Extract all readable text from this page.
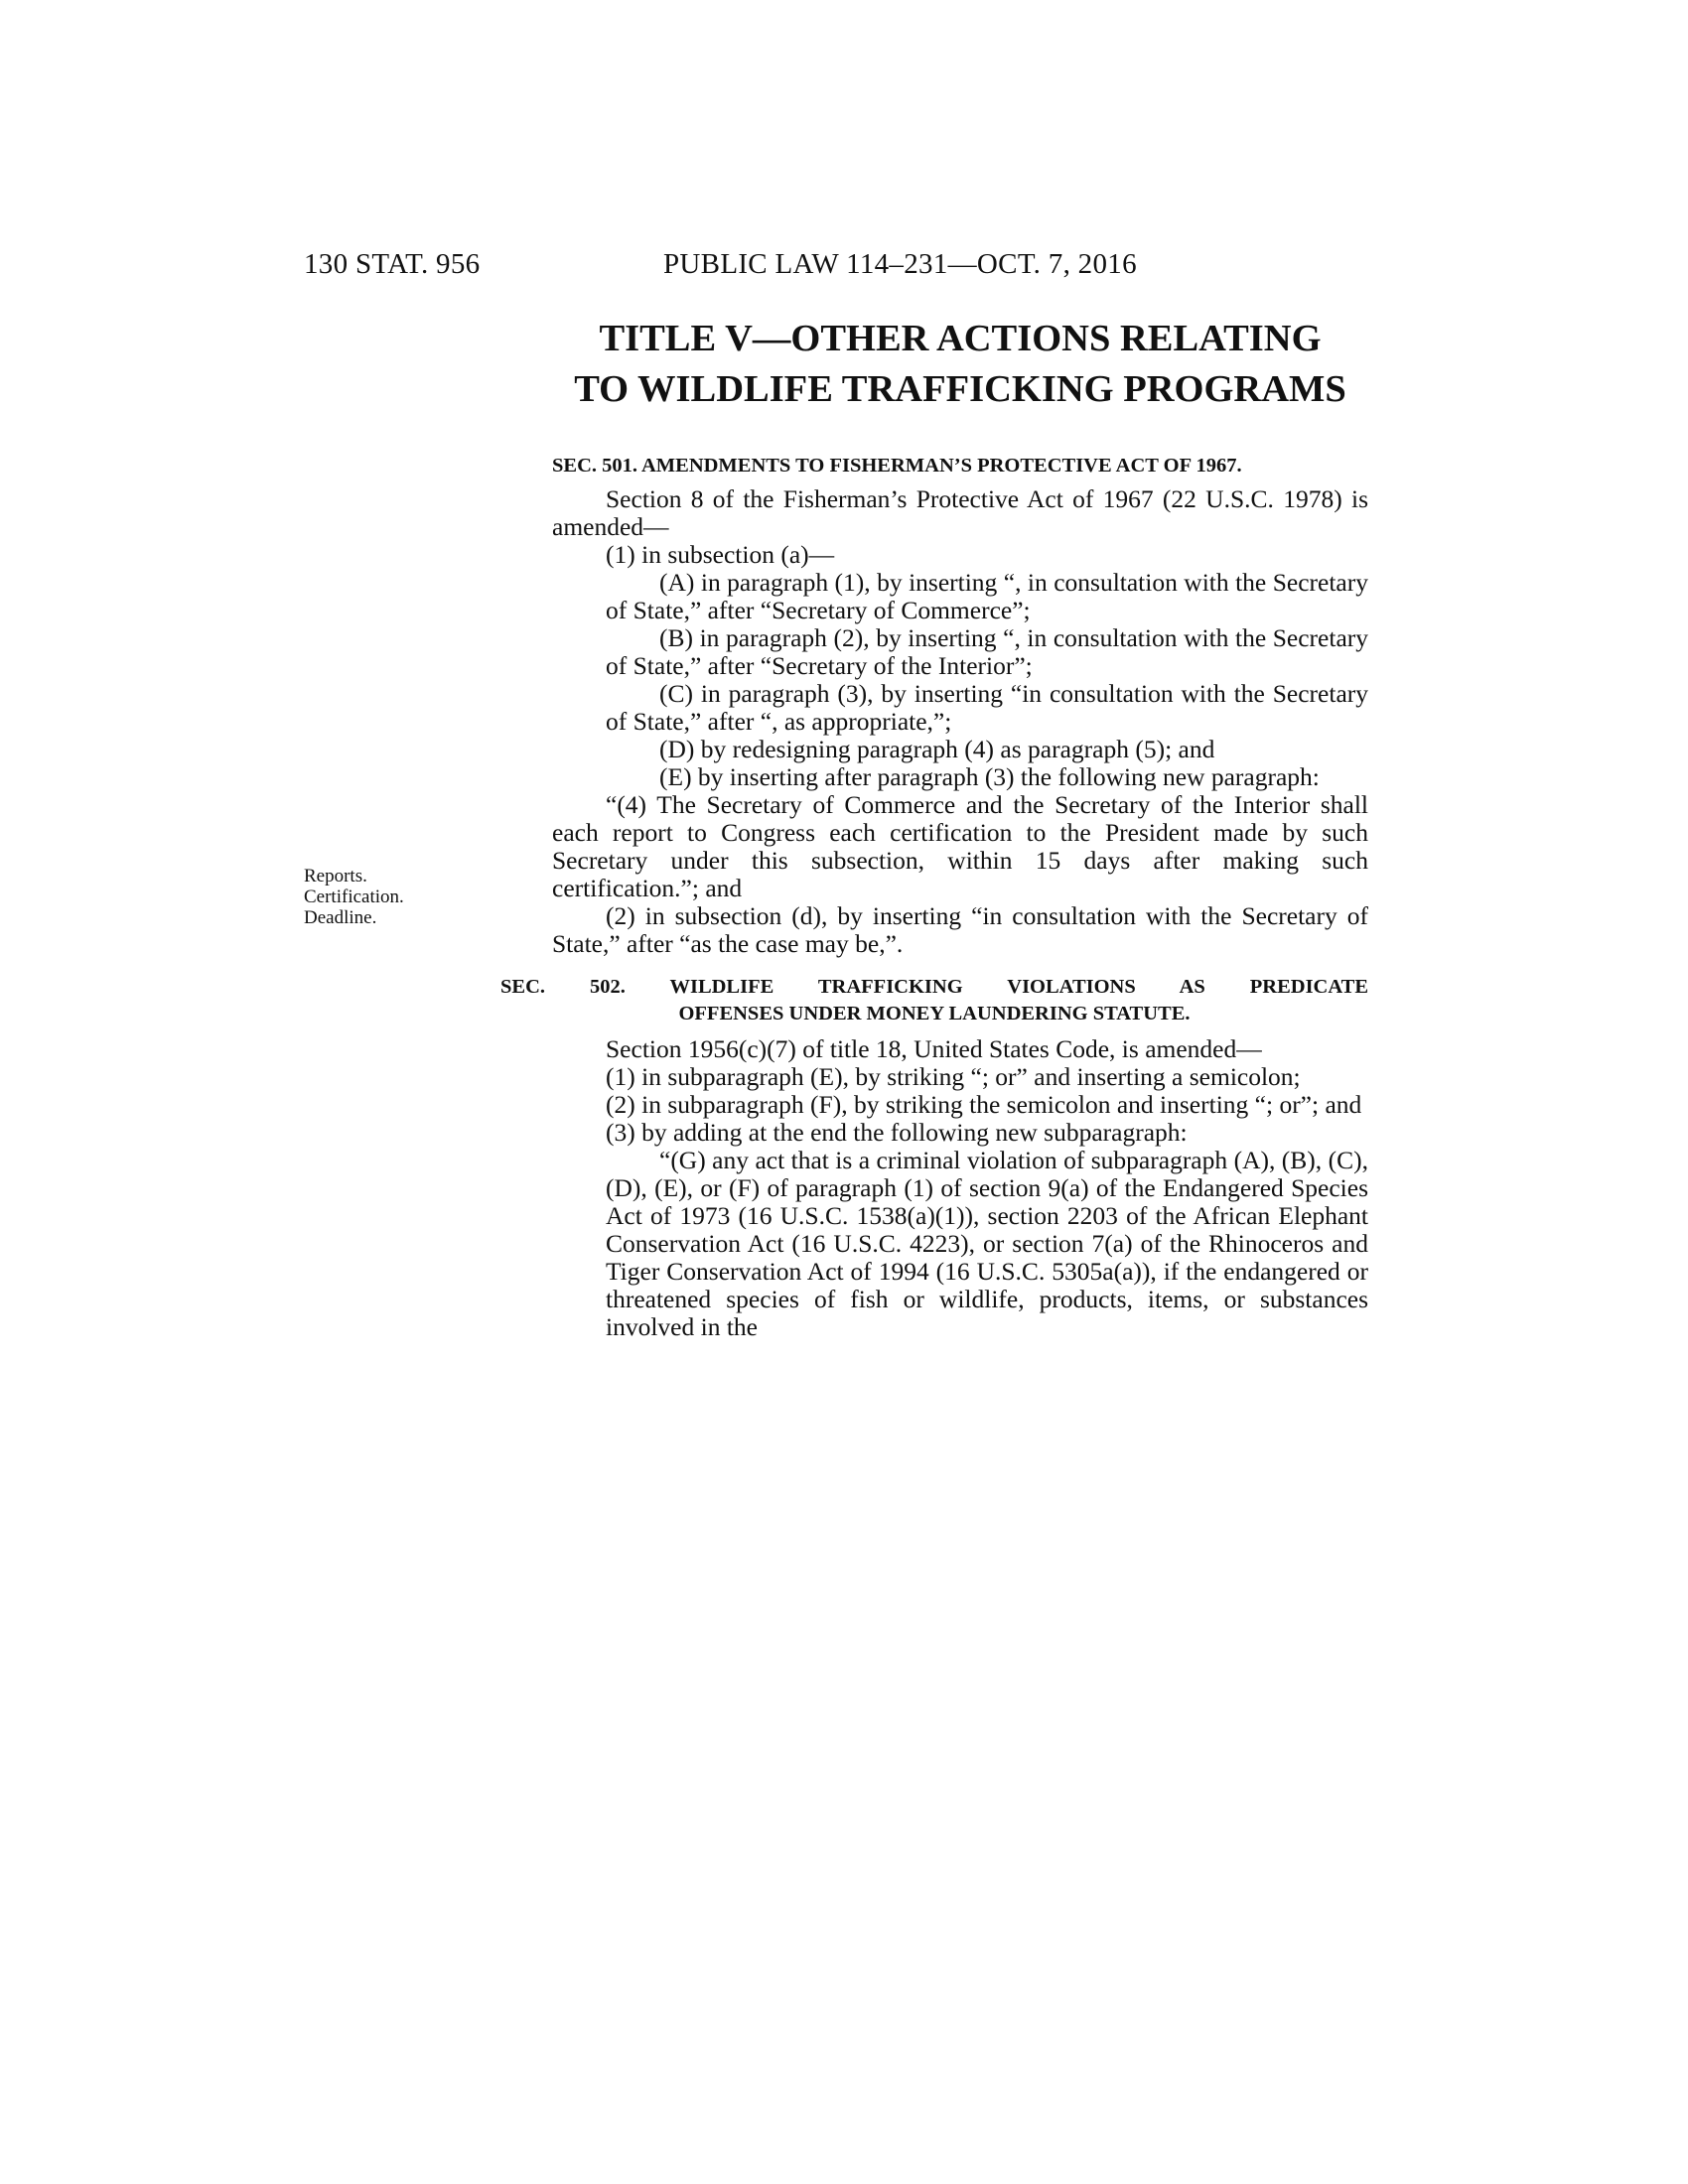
130 STAT. 956	PUBLIC LAW 114–231—OCT. 7, 2016
Reports.
Certification.
Deadline.
TITLE V—OTHER ACTIONS RELATING
TO WILDLIFE TRAFFICKING PROGRAMS
SEC. 501. AMENDMENTS TO FISHERMAN’S PROTECTIVE ACT OF 1967.

Section 8 of the Fisherman’s Protective Act of 1967 (22 U.S.C. 1978) is amended—

(1) in subsection (a)—

(A) in paragraph (1), by inserting “, in consultation with the Secretary of State,” after “Secretary of Commerce”;

(B) in paragraph (2), by inserting “, in consultation with the Secretary of State,” after “Secretary of the Interior”;

(C) in paragraph (3), by inserting “in consultation with the Secretary of State,” after “, as appropriate,”;

(D) by redesigning paragraph (4) as paragraph (5); and

(E) by inserting after paragraph (3) the following new paragraph:

“(4) The Secretary of Commerce and the Secretary of the Interior shall each report to Congress each certification to the President made by such Secretary under this subsection, within 15 days after making such certification.”; and

(2) in subsection (d), by inserting “in consultation with the Secretary of State,” after “as the case may be,”.

SEC. 502. WILDLIFE TRAFFICKING VIOLATIONS AS PREDICATE
OFFENSES UNDER MONEY LAUNDERING STATUTE.

Section 1956(c)(7) of title 18, United States Code, is amended—

(1) in subparagraph (E), by striking “; or” and inserting a semicolon;

(2) in subparagraph (F), by striking the semicolon and inserting “; or”; and

(3) by adding at the end the following new subparagraph:

“(G) any act that is a criminal violation of subparagraph (A), (B), (C), (D), (E), or (F) of paragraph (1) of section 9(a) of the Endangered Species Act of 1973 (16 U.S.C. 1538(a)(1)), section 2203 of the African Elephant Conservation Act (16 U.S.C. 4223), or section 7(a) of the Rhinoceros and Tiger Conservation Act of 1994 (16 U.S.C. 5305a(a)), if the endangered or threatened species of fish or wildlife, products, items, or substances involved in the
